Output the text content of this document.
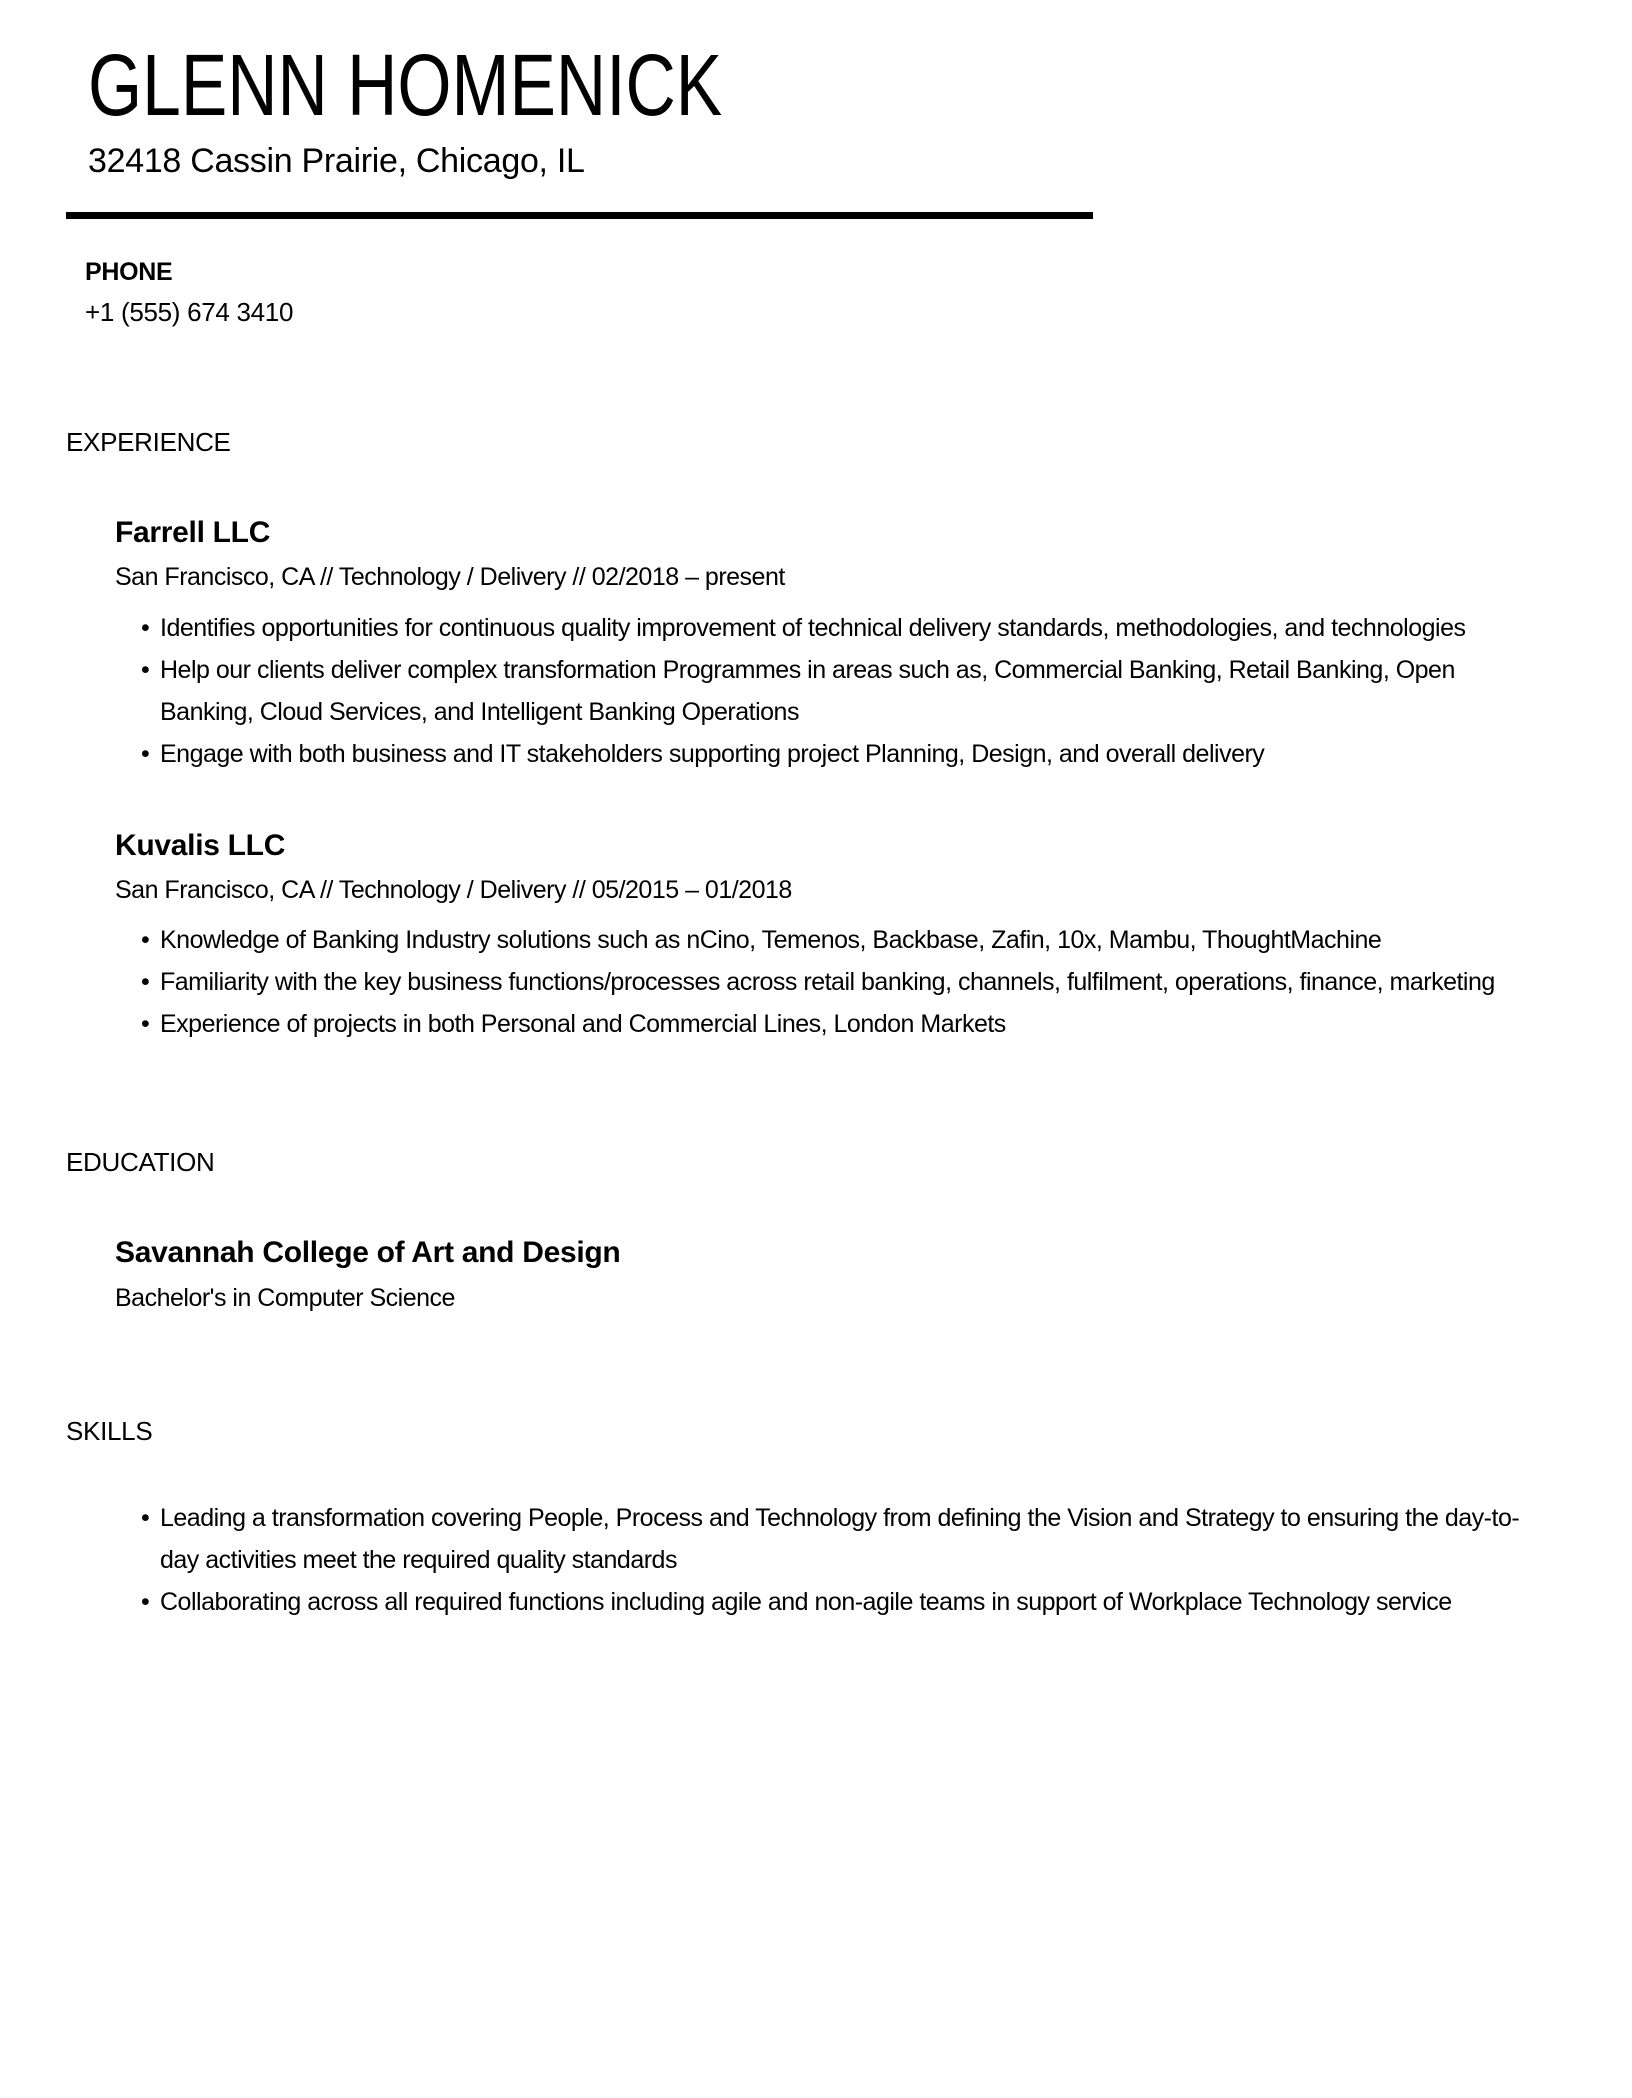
GLENN HOMENICK
32418 Cassin Prairie, Chicago, IL
PHONE
+1 (555) 674 3410
EXPERIENCE
Farrell LLC
San Francisco, CA // Technology / Delivery // 02/2018 – present
• Identifies opportunities for continuous quality improvement of technical delivery standards, methodologies, and technologies
• Help our clients deliver complex transformation Programmes in areas such as, Commercial Banking, Retail Banking, Open Banking, Cloud Services, and Intelligent Banking Operations
• Engage with both business and IT stakeholders supporting project Planning, Design, and overall delivery
Kuvalis LLC
San Francisco, CA // Technology / Delivery // 05/2015 – 01/2018
• Knowledge of Banking Industry solutions such as nCino, Temenos, Backbase, Zafin, 10x, Mambu, ThoughtMachine
• Familiarity with the key business functions/processes across retail banking, channels, fulfilment, operations, finance, marketing
• Experience of projects in both Personal and Commercial Lines, London Markets
EDUCATION
Savannah College of Art and Design
Bachelor's in Computer Science
SKILLS
• Leading a transformation covering People, Process and Technology from defining the Vision and Strategy to ensuring the day-to-day activities meet the required quality standards
• Collaborating across all required functions including agile and non-agile teams in support of Workplace Technology service
